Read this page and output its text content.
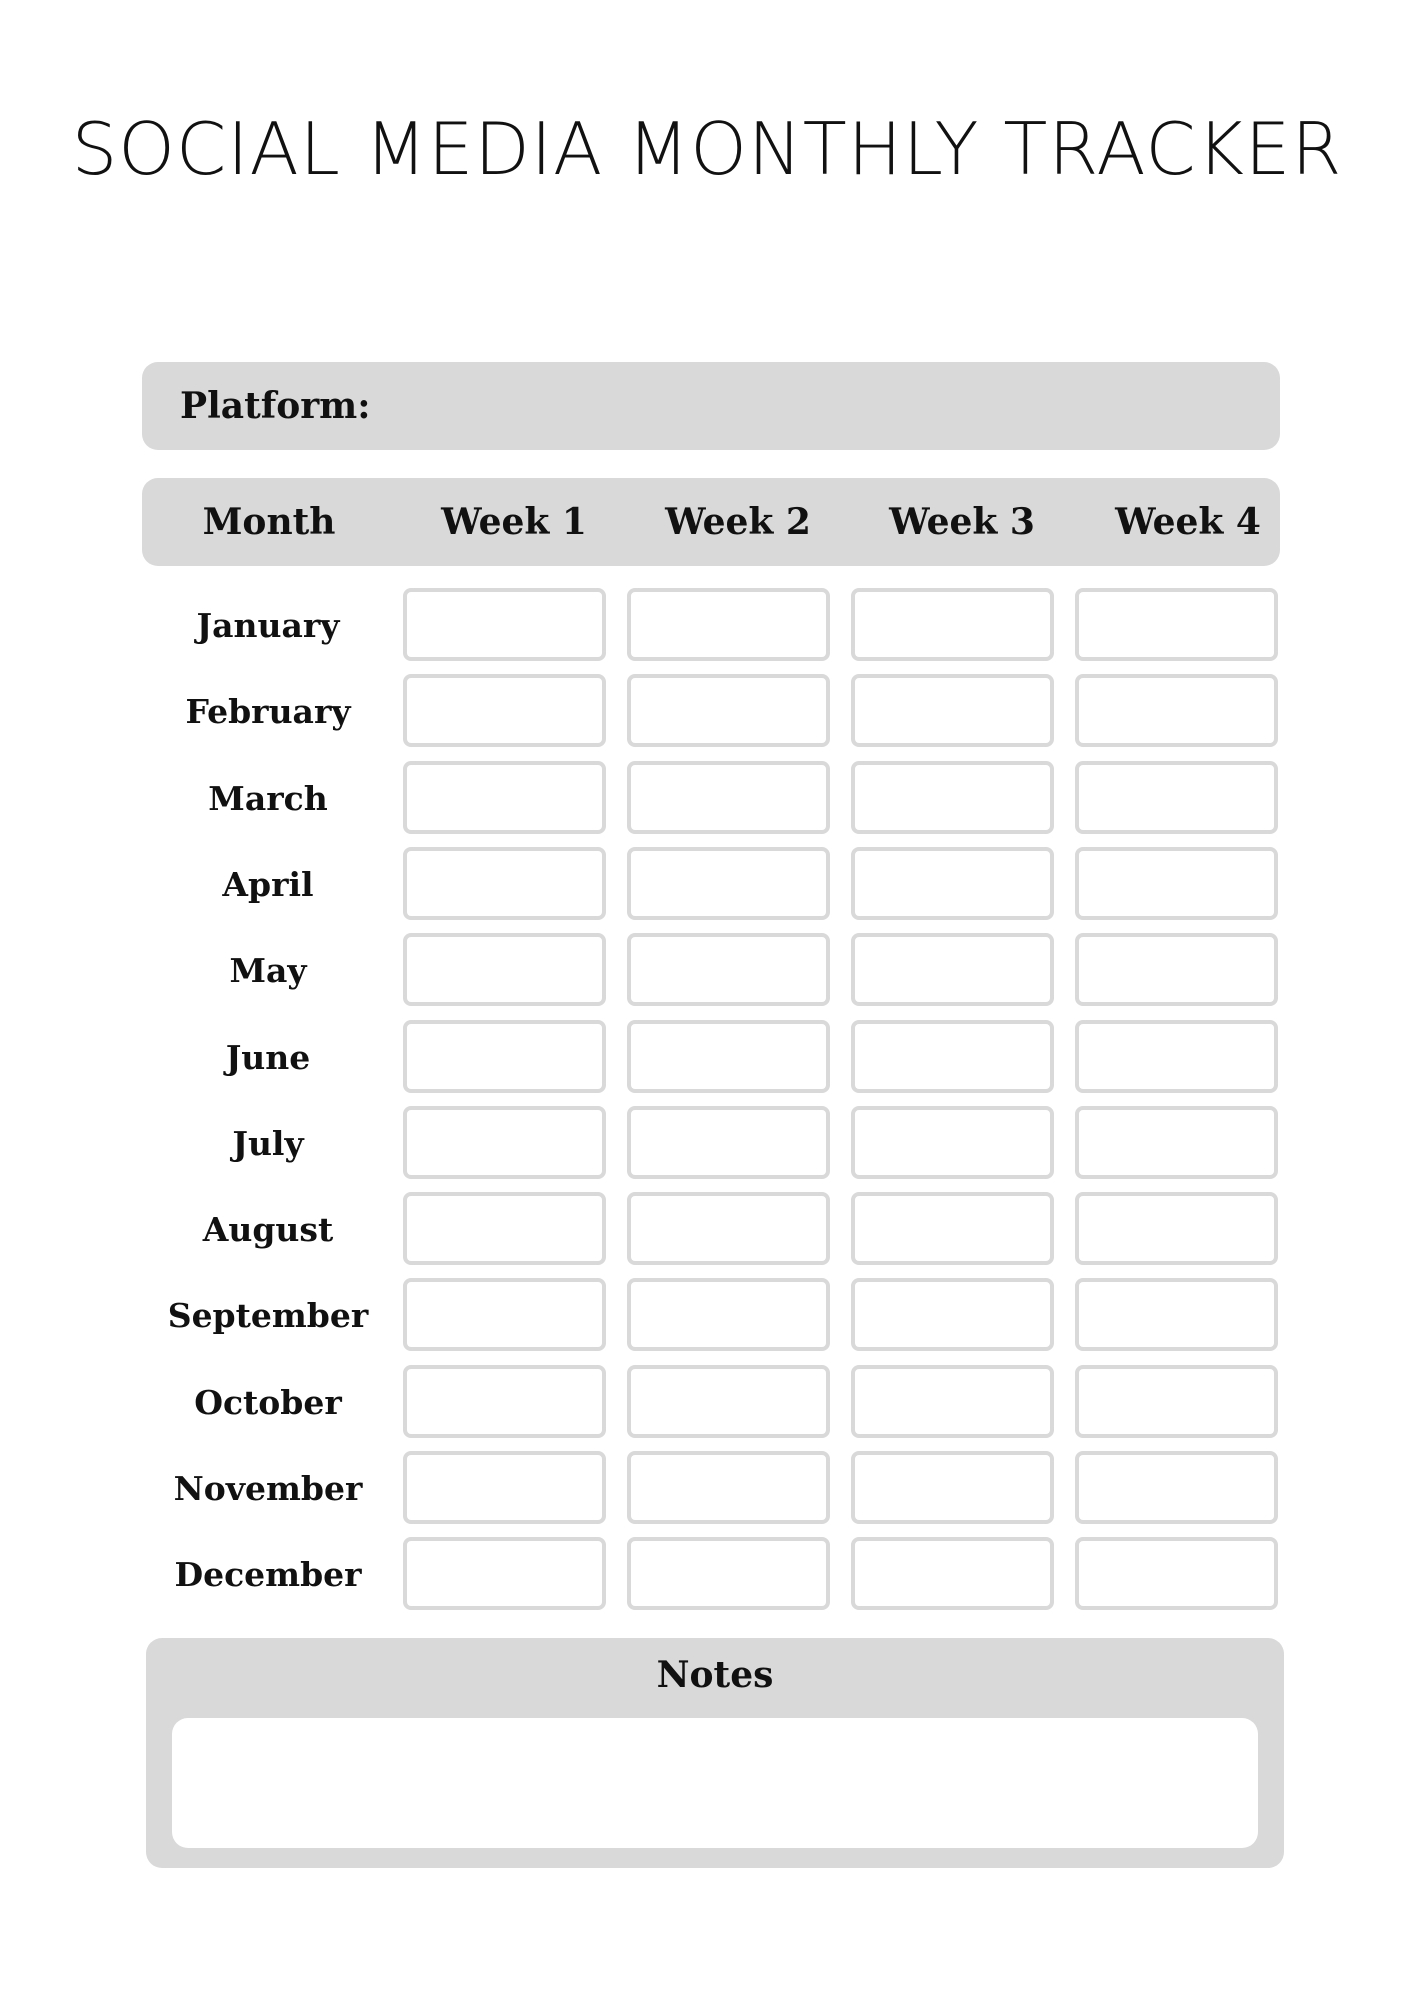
SOCIAL MEDIA MONTHLY TRACKER
Platform:
Month	Week 1	Week 2	Week 3	Week 4
January
February
March
April
May
June
July
August
September
October
November
December
Notes
